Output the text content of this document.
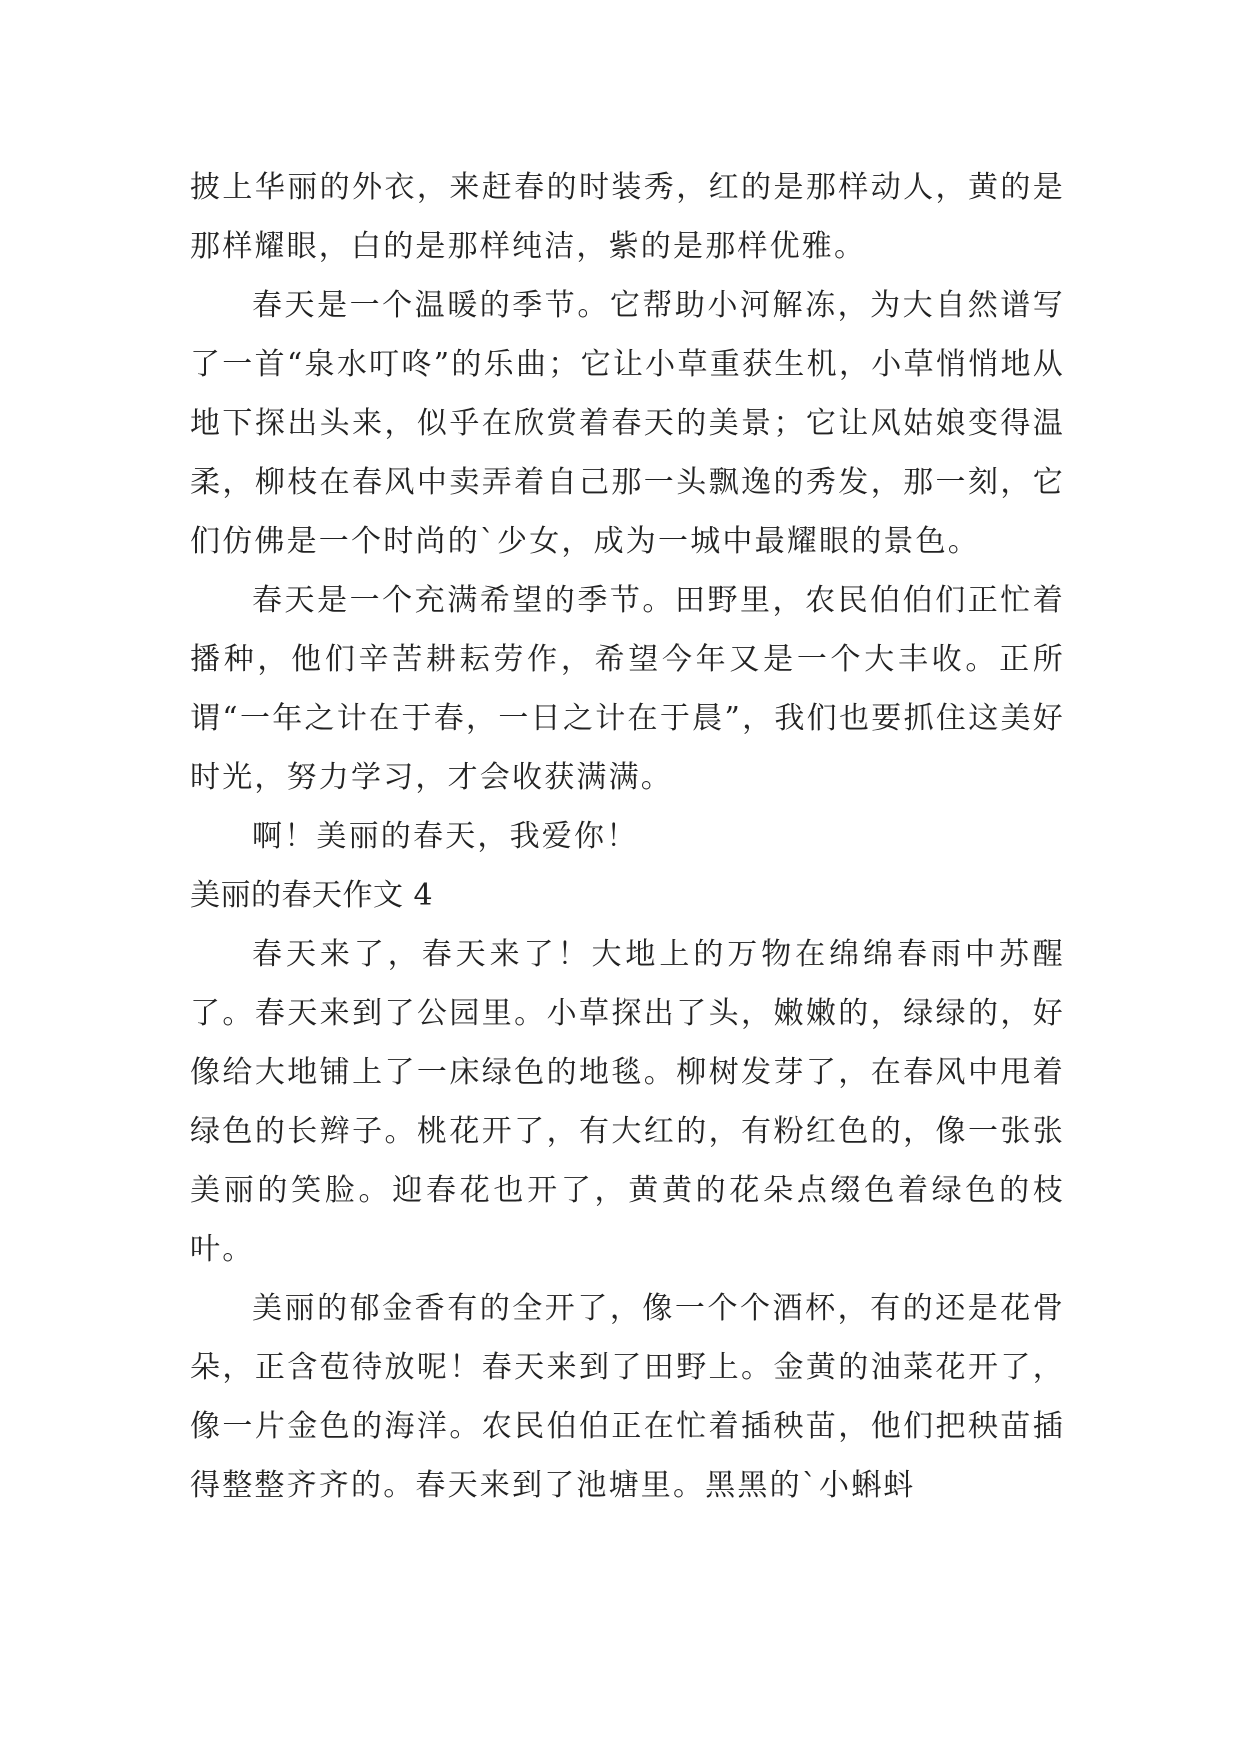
披上华丽的外衣，来赶春的时装秀，红的是那样动人，黄的是那样耀眼，白的是那样纯洁，紫的是那样优雅。

春天是一个温暖的季节。它帮助小河解冻，为大自然谱写了一首“泉水叮咚”的乐曲；它让小草重获生机，小草悄悄地从地下探出头来，似乎在欣赏着春天的美景；它让风姑娘变得温柔，柳枝在春风中卖弄着自己那一头飘逸的秀发，那一刻，它们仿佛是一个时尚的`少女，成为一城中最耀眼的景色。

春天是一个充满希望的季节。田野里，农民伯伯们正忙着播种，他们辛苦耕耘劳作，希望今年又是一个大丰收。正所谓“一年之计在于春，一日之计在于晨”，我们也要抓住这美好时光，努力学习，才会收获满满。

啊！美丽的春天，我爱你！

美丽的春天作文 4

春天来了，春天来了！大地上的万物在绵绵春雨中苏醒了。春天来到了公园里。小草探出了头，嫩嫩的，绿绿的，好像给大地铺上了一床绿色的地毯。柳树发芽了，在春风中甩着绿色的长辫子。桃花开了，有大红的，有粉红色的，像一张张美丽的笑脸。迎春花也开了，黄黄的花朵点缀色着绿色的枝叶。

美丽的郁金香有的全开了，像一个个酒杯，有的还是花骨朵，正含苞待放呢！春天来到了田野上。金黄的油菜花开了，像一片金色的海洋。农民伯伯正在忙着插秧苗，他们把秧苗插得整整齐齐的。春天来到了池塘里。黑黑的`小蝌蚪
